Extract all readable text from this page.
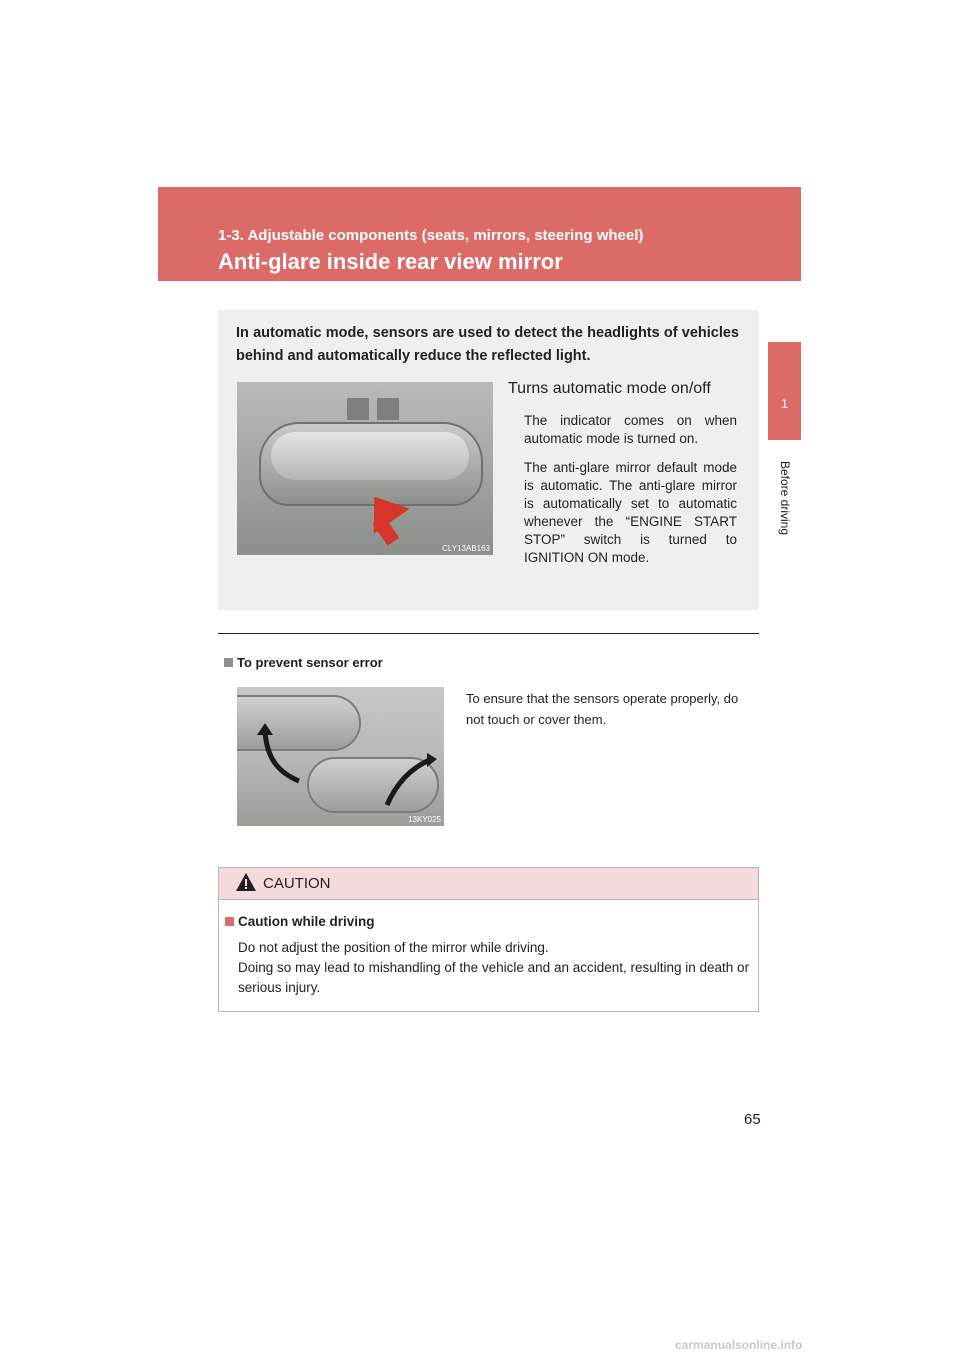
1-3. Adjustable components (seats, mirrors, steering wheel)
Anti-glare inside rear view mirror
1
Before driving
In automatic mode, sensors are used to detect the headlights of vehicles behind and automatically reduce the reflected light.
CLY13AB163
Turns automatic mode on/off
The indicator comes on when automatic mode is turned on.
The anti-glare mirror default mode is automatic. The anti-glare mirror is automatically set to automatic whenever the “ENGINE START STOP” switch is turned to IGNITION ON mode.
To prevent sensor error
13KY025
To ensure that the sensors operate properly, do not touch or cover them.
CAUTION
Caution while driving
Do not adjust the position of the mirror while driving.
Doing so may lead to mishandling of the vehicle and an accident, resulting in death or serious injury.
65
carmanualsonline.info
